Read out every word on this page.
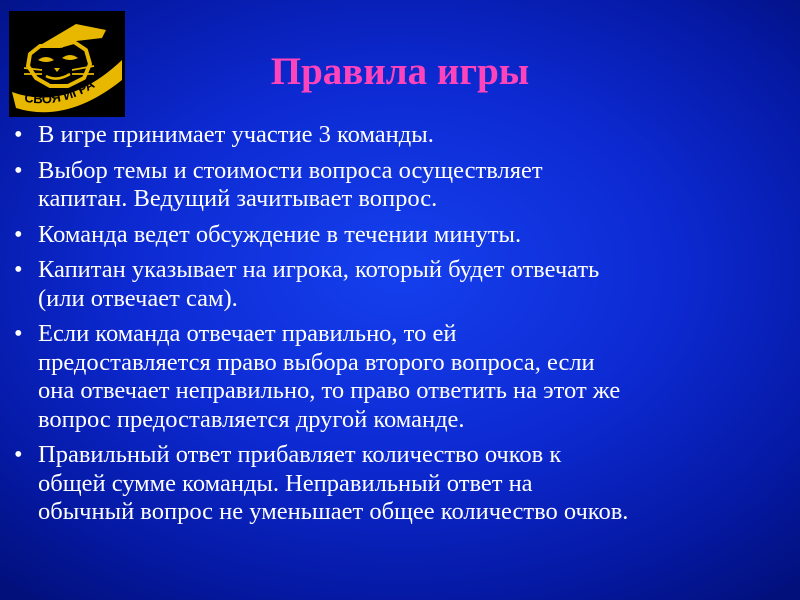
СВОЯ ИГРА	Правила игры
• В игре принимает участие 3 команды.
• Выбор темы и стоимости вопроса осуществляет
капитан. Ведущий зачитывает вопрос.
• Команда ведет обсуждение в течении минуты.
• Капитан указывает на игрока, который будет отвечать
(или отвечает сам).
• Если команда отвечает правильно, то ей
предоставляется право выбора второго вопроса, если
она отвечает неправильно, то право ответить на этот же
вопрос предоставляется другой команде.
• Правильный ответ прибавляет количество очков к
общей сумме команды. Неправильный ответ на
обычный вопрос не уменьшает общее количество очков.
